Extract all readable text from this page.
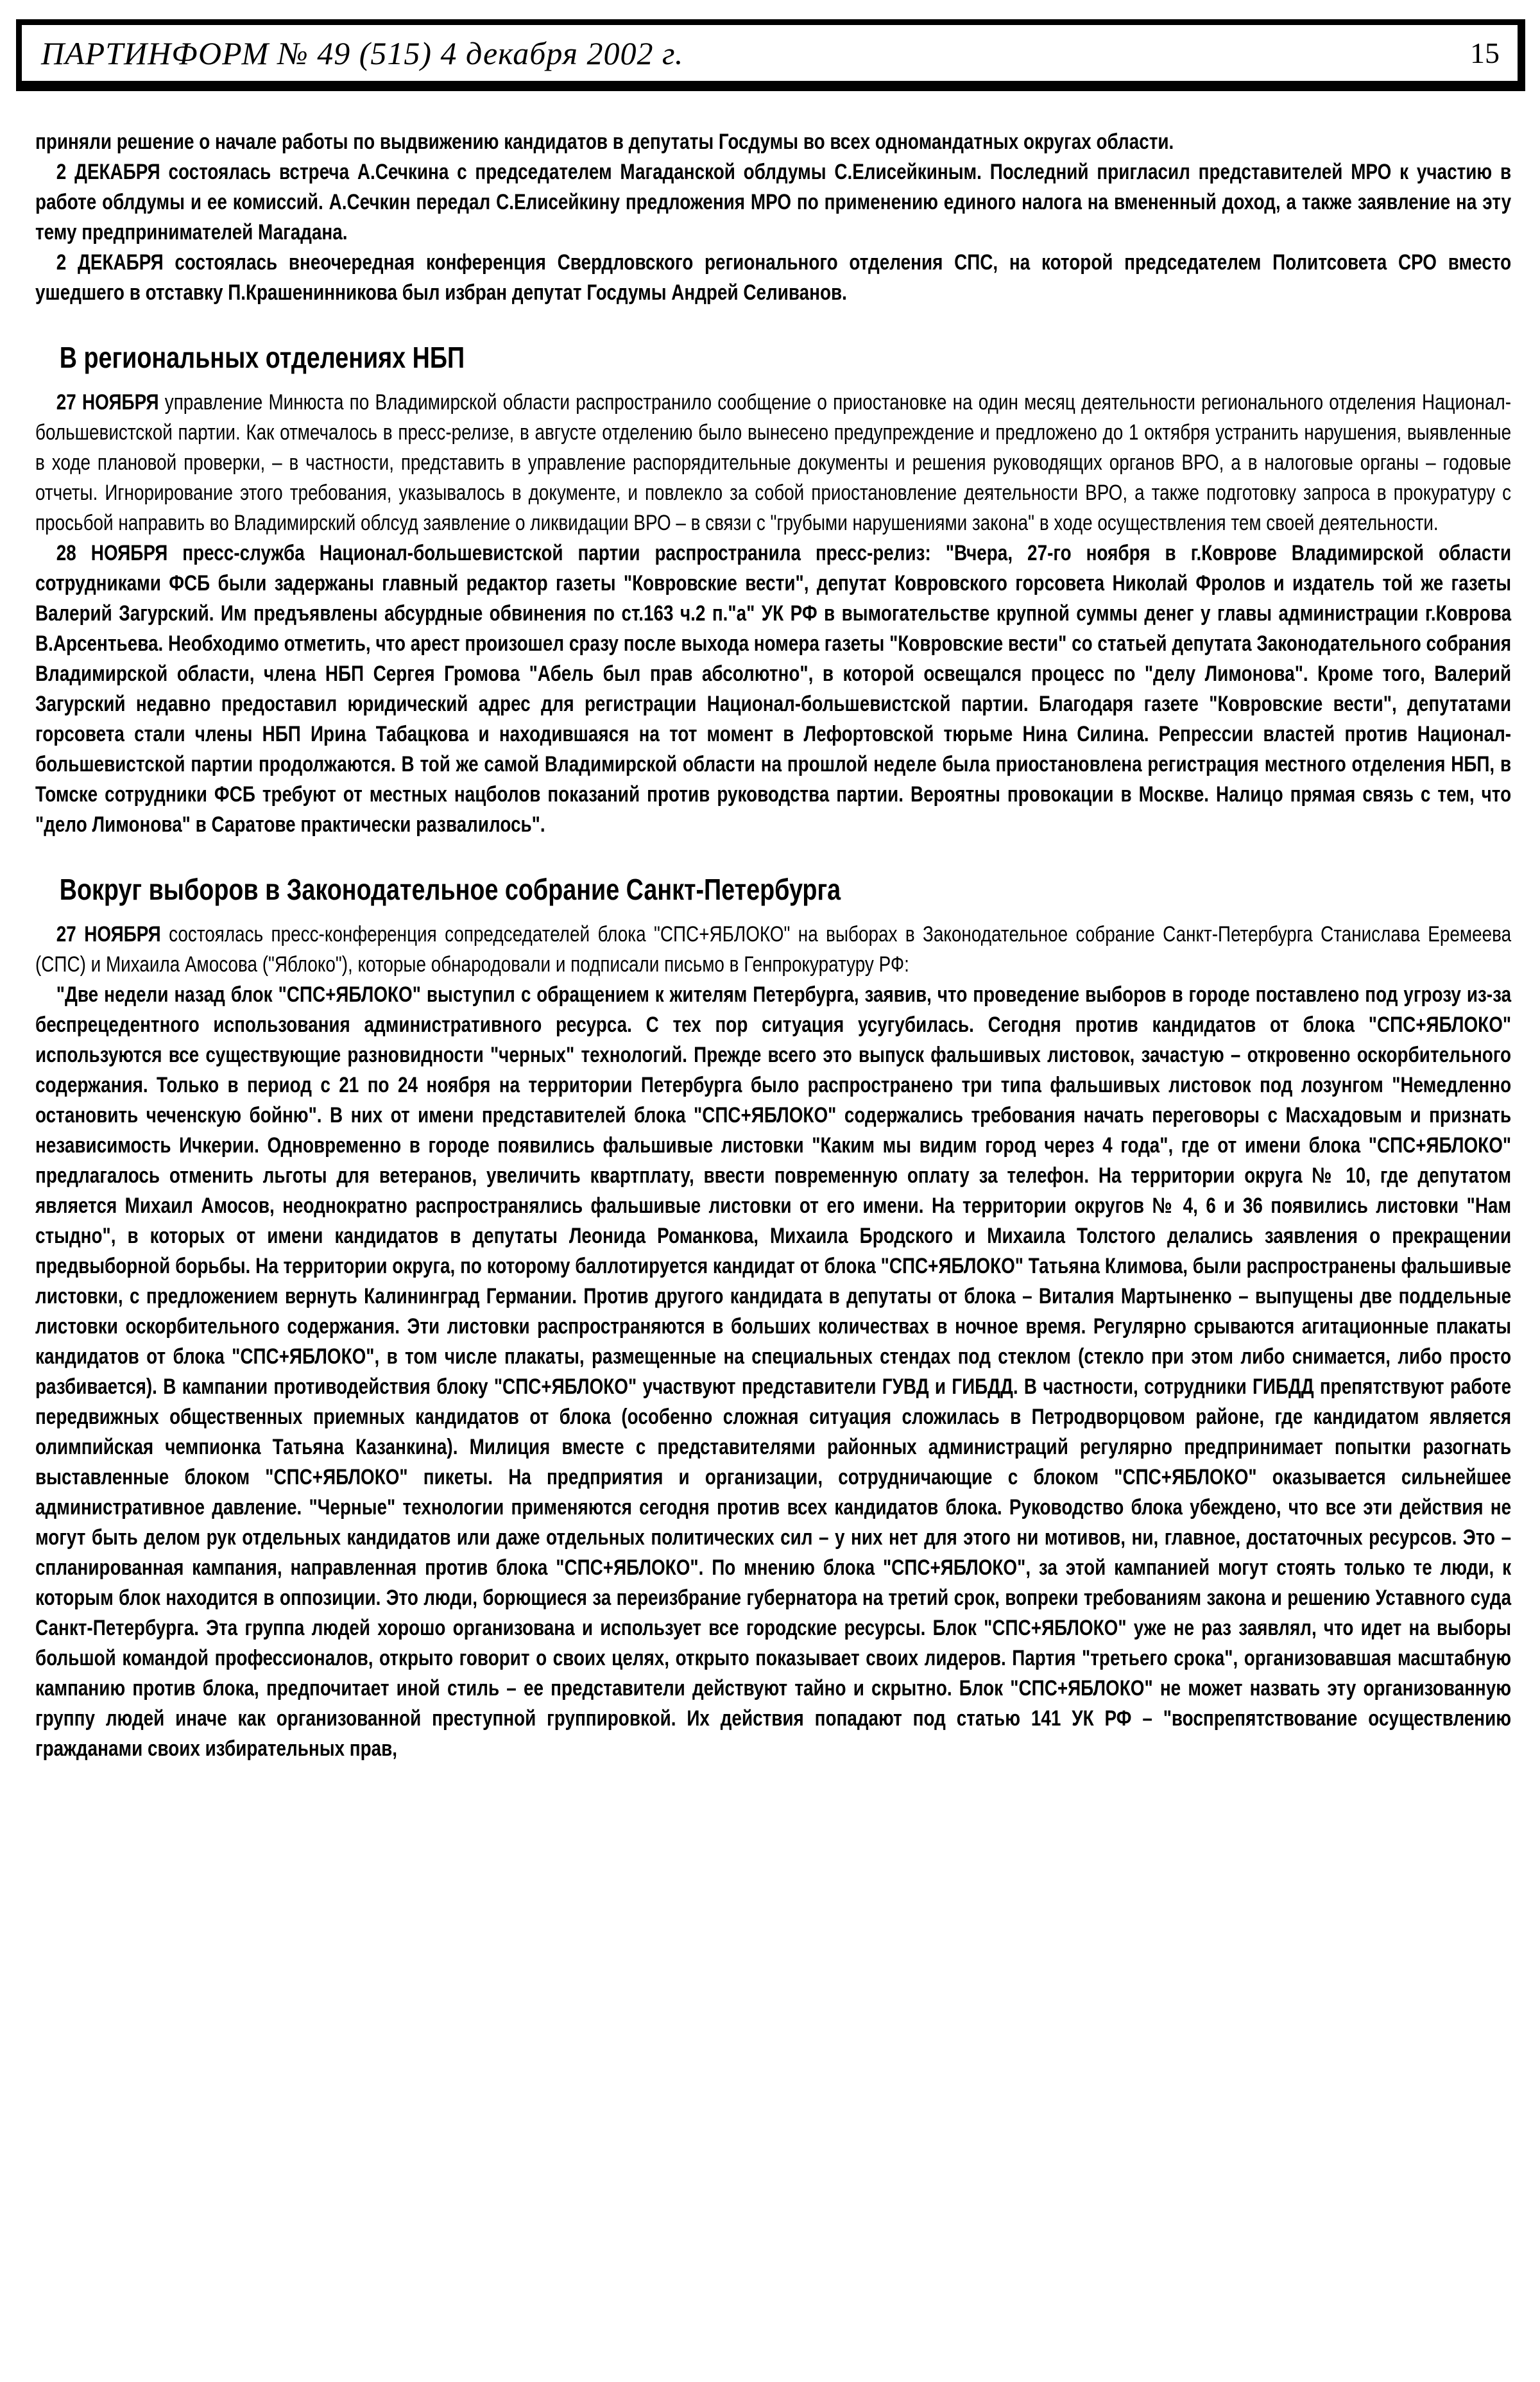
ПАРТИНФОРМ № 49 (515) 4 декабря 2002 г.	15

приняли решение о начале работы по выдвижению кандидатов в депутаты Госдумы во всех одномандатных округах области.

2 ДЕКАБРЯ состоялась встреча А.Сечкина с председателем Магаданской облдумы С.Елисейкиным. Последний пригласил представителей МРО к участию в работе облдумы и ее комиссий. А.Сечкин передал С.Елисейкину предложения МРО по применению единого налога на вмененный доход, а также заявление на эту тему предпринимателей Магадана.

2 ДЕКАБРЯ состоялась внеочередная конференция Свердловского регионального отделения СПС, на которой председателем Политсовета СРО вместо ушедшего в отставку П.Крашенинникова был избран депутат Госдумы Андрей Селиванов.

В региональных отделениях НБП

27 НОЯБРЯ управление Минюста по Владимирской области распространило сообщение о приостановке на один месяц деятельности регионального отделения Национал-большевистской партии. Как отмечалось в пресс-релизе, в августе отделению было вынесено предупреждение и предложено до 1 октября устранить нарушения, выявленные в ходе плановой проверки, – в частности, представить в управление распорядительные документы и решения руководящих органов ВРО, а в налоговые органы – годовые отчеты. Игнорирование этого требования, указывалось в документе, и повлекло за собой приостановление деятельности ВРО, а также подготовку запроса в прокуратуру с просьбой направить во Владимирский облсуд заявление о ликвидации ВРО – в связи с "грубыми нарушениями закона" в ходе осуществления тем своей деятельности.

28 НОЯБРЯ пресс-служба Национал-большевистской партии распространила пресс-релиз: "Вчера, 27-го ноября в г.Коврове Владимирской области сотрудниками ФСБ были задержаны главный редактор газеты "Ковровские вести", депутат Ковровского горсовета Николай Фролов и издатель той же газеты Валерий Загурский. Им предъявлены абсурдные обвинения по ст.163 ч.2 п."а" УК РФ в вымогательстве крупной суммы денег у главы администрации г.Коврова В.Арсентьева. Необходимо отметить, что арест произошел сразу после выхода номера газеты "Ковровские вести" со статьей депутата Законодательного собрания Владимирской области, члена НБП Сергея Громова "Абель был прав абсолютно", в которой освещался процесс по "делу Лимонова". Кроме того, Валерий Загурский недавно предоставил юридический адрес для регистрации Национал-большевистской партии. Благодаря газете "Ковровские вести", депутатами горсовета стали члены НБП Ирина Табацкова и находившаяся на тот момент в Лефортовской тюрьме Нина Силина. Репрессии властей против Национал-большевистской партии продолжаются. В той же самой Владимирской области на прошлой неделе была приостановлена регистрация местного отделения НБП, в Томске сотрудники ФСБ требуют от местных нацболов показаний против руководства партии. Вероятны провокации в Москве. Налицо прямая связь с тем, что "дело Лимонова" в Саратове практически развалилось".

Вокруг выборов в Законодательное собрание Санкт-Петербурга

27 НОЯБРЯ состоялась пресс-конференция сопредседателей блока "СПС+ЯБЛОКО" на выборах в Законодательное собрание Санкт-Петербурга Станислава Еремеева (СПС) и Михаила Амосова ("Яблоко"), которые обнародовали и подписали письмо в Генпрокуратуру РФ:

"Две недели назад блок "СПС+ЯБЛОКО" выступил с обращением к жителям Петербурга, заявив, что проведение выборов в городе поставлено под угрозу из-за беспрецедентного использования административного ресурса. С тех пор ситуация усугубилась. Сегодня против кандидатов от блока "СПС+ЯБЛОКО" используются все существующие разновидности "черных" технологий. Прежде всего это выпуск фальшивых листовок, зачастую – откровенно оскорбительного содержания. Только в период с 21 по 24 ноября на территории Петербурга было распространено три типа фальшивых листовок под лозунгом "Немедленно остановить чеченскую бойню". В них от имени представителей блока "СПС+ЯБЛОКО" содержались требования начать переговоры с Масхадовым и признать независимость Ичкерии. Одновременно в городе появились фальшивые листовки "Каким мы видим город через 4 года", где от имени блока "СПС+ЯБЛОКО" предлагалось отменить льготы для ветеранов, увеличить квартплату, ввести повременную оплату за телефон. На территории округа № 10, где депутатом является Михаил Амосов, неоднократно распространялись фальшивые листовки от его имени. На территории округов № 4, 6 и 36 появились листовки "Нам стыдно", в которых от имени кандидатов в депутаты Леонида Романкова, Михаила Бродского и Михаила Толстого делались заявления о прекращении предвыборной борьбы. На территории округа, по которому баллотируется кандидат от блока "СПС+ЯБЛОКО" Татьяна Климова, были распространены фальшивые листовки, с предложением вернуть Калининград Германии. Против другого кандидата в депутаты от блока – Виталия Мартыненко – выпущены две поддельные листовки оскорбительного содержания. Эти листовки распространяются в больших количествах в ночное время. Регулярно срываются агитационные плакаты кандидатов от блока "СПС+ЯБЛОКО", в том числе плакаты, размещенные на специальных стендах под стеклом (стекло при этом либо снимается, либо просто разбивается). В кампании противодействия блоку "СПС+ЯБЛОКО" участвуют представители ГУВД и ГИБДД. В частности, сотрудники ГИБДД препятствуют работе передвижных общественных приемных кандидатов от блока (особенно сложная ситуация сложилась в Петродворцовом районе, где кандидатом является олимпийская чемпионка Татьяна Казанкина). Милиция вместе с представителями районных администраций регулярно предпринимает попытки разогнать выставленные блоком "СПС+ЯБЛОКО" пикеты. На предприятия и организации, сотрудничающие с блоком "СПС+ЯБЛОКО" оказывается сильнейшее административное давление. "Черные" технологии применяются сегодня против всех кандидатов блока. Руководство блока убеждено, что все эти действия не могут быть делом рук отдельных кандидатов или даже отдельных политических сил – у них нет для этого ни мотивов, ни, главное, достаточных ресурсов. Это – спланированная кампания, направленная против блока "СПС+ЯБЛОКО". По мнению блока "СПС+ЯБЛОКО", за этой кампанией могут стоять только те люди, к которым блок находится в оппозиции. Это люди, борющиеся за переизбрание губернатора на третий срок, вопреки требованиям закона и решению Уставного суда Санкт-Петербурга. Эта группа людей хорошо организована и использует все городские ресурсы. Блок "СПС+ЯБЛОКО" уже не раз заявлял, что идет на выборы большой командой профессионалов, открыто говорит о своих целях, открыто показывает своих лидеров. Партия "третьего срока", организовавшая масштабную кампанию против блока, предпочитает иной стиль – ее представители действуют тайно и скрытно. Блок "СПС+ЯБЛОКО" не может назвать эту организованную группу людей иначе как организованной преступной группировкой. Их действия попадают под статью 141 УК РФ – "воспрепятствование осуществлению гражданами своих избирательных прав,
